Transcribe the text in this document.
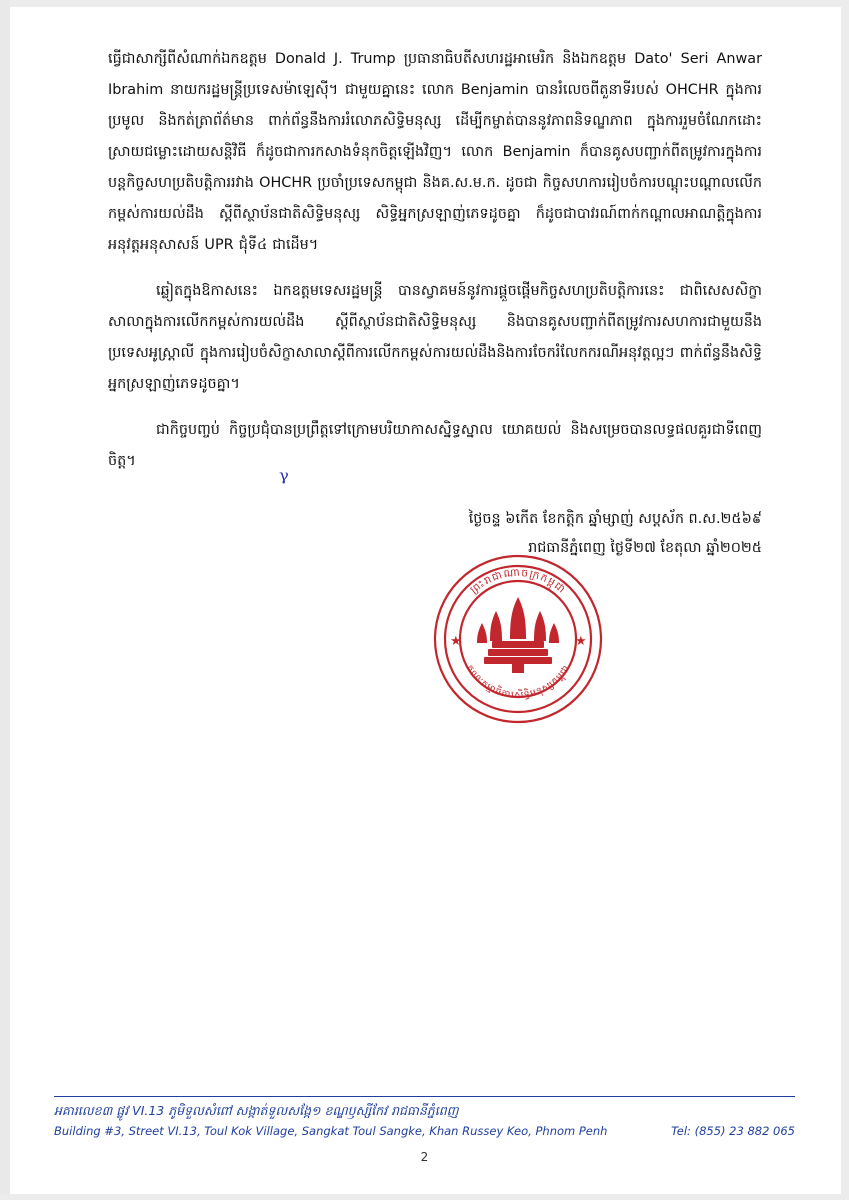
ធ្វើជាសាក្សីពីសំណាក់ឯកឧត្តម Donald J. Trump ប្រធានាធិបតីសហរដ្ឋអាមេរិក និងឯកឧត្តម Dato' Seri Anwar Ibrahim នាយករដ្ឋមន្ត្រីប្រទេសម៉ាឡេស៊ី។ ជាមួយគ្នានេះ លោក Benjamin បានរំលេចពីតួនាទីរបស់ OHCHR ក្នុងការប្រមូល និងកត់ត្រាព័ត៌មាន ពាក់ព័ន្ធនឹងការរំលោភសិទ្ធិមនុស្ស ដើម្បីកម្ចាត់បាននូវភាពនិទណ្ឌភាព ក្នុងការរួមចំណែកដោះស្រាយជម្លោះដោយសន្តិវិធី ក៏ដូចជាការកសាងទំនុកចិត្តឡើងវិញ។ លោក Benjamin ក៏បានគូសបញ្ជាក់ពីតម្រូវការក្នុងការបន្តកិច្ចសហប្រតិបត្តិការរវាង OHCHR ប្រចាំប្រទេសកម្ពុជា និងគ.ស.ម.ក. ដូចជា កិច្ចសហការរៀបចំការបណ្តុះបណ្តាលលើកកម្ពស់ការយល់ដឹង ស្តីពីស្ថាប័នជាតិសិទ្ធិមនុស្ស សិទ្ធិអ្នកស្រឡាញ់ភេទដូចគ្នា ក៏ដូចជាបាវរណ៍ពាក់កណ្តាលអាណត្តិក្នុងការអនុវត្តអនុសាសន៍ UPR ជុំទី៤ ជាដើម។

ឆ្លៀតក្នុងឱកាសនេះ ឯកឧត្តមទេសរដ្ឋមន្ត្រី បានស្វាគមន៍នូវការផ្តួចផ្តើមកិច្ចសហប្រតិបត្តិការនេះ ជាពិសេសសិក្ខាសាលាក្នុងការលើកកម្ពស់ការយល់ដឹង ស្តីពីស្ថាប័នជាតិសិទ្ធិមនុស្ស និងបានគូសបញ្ជាក់ពីតម្រូវការសហការជាមួយនឹងប្រទេសអូស្ត្រាលី ក្នុងការរៀបចំសិក្ខាសាលាស្តីពីការលើកកម្ពស់ការយល់ដឹងនិងការចែករំលែកករណីអនុវត្តល្អៗ ពាក់ព័ន្ធនឹងសិទ្ធិអ្នកស្រឡាញ់ភេទដូចគ្នា។

ជាកិច្ចបញ្ចប់ កិច្ចប្រជុំបានប្រព្រឹត្តទៅក្រោមបរិយាកាសស្និទ្ធស្នាល យោគយល់ និងសម្រេចបានលទ្ធផលគួរជាទីពេញចិត្ត។

ᵞ
ថ្ងៃចន្ទ ៦កើត ខែកត្តិក ឆ្នាំម្សាញ់ សប្តស័ក ព.ស.២៥៦៩
រាជធានីភ្នំពេញ ថ្ងៃទី២៧ ខែតុលា ឆ្នាំ២០២៥
★	★
ព្រះរាជាណាចក្រកម្ពុជា
គណៈកម្មាធិការសិទ្ធិមនុស្សកម្ពុជា
អគារលេខ៣ ផ្លូវ VI.13 ភូមិទួលសំពៅ សង្កាត់ទួលសង្កែ១ ខណ្ឌឫស្សីកែវ រាជធានីភ្នំពេញ
Building #3, Street VI.13, Toul Kok Village, Sangkat Toul Sangke, Khan Russey Keo, Phnom Penh	Tel: (855) 23 882 065
2
